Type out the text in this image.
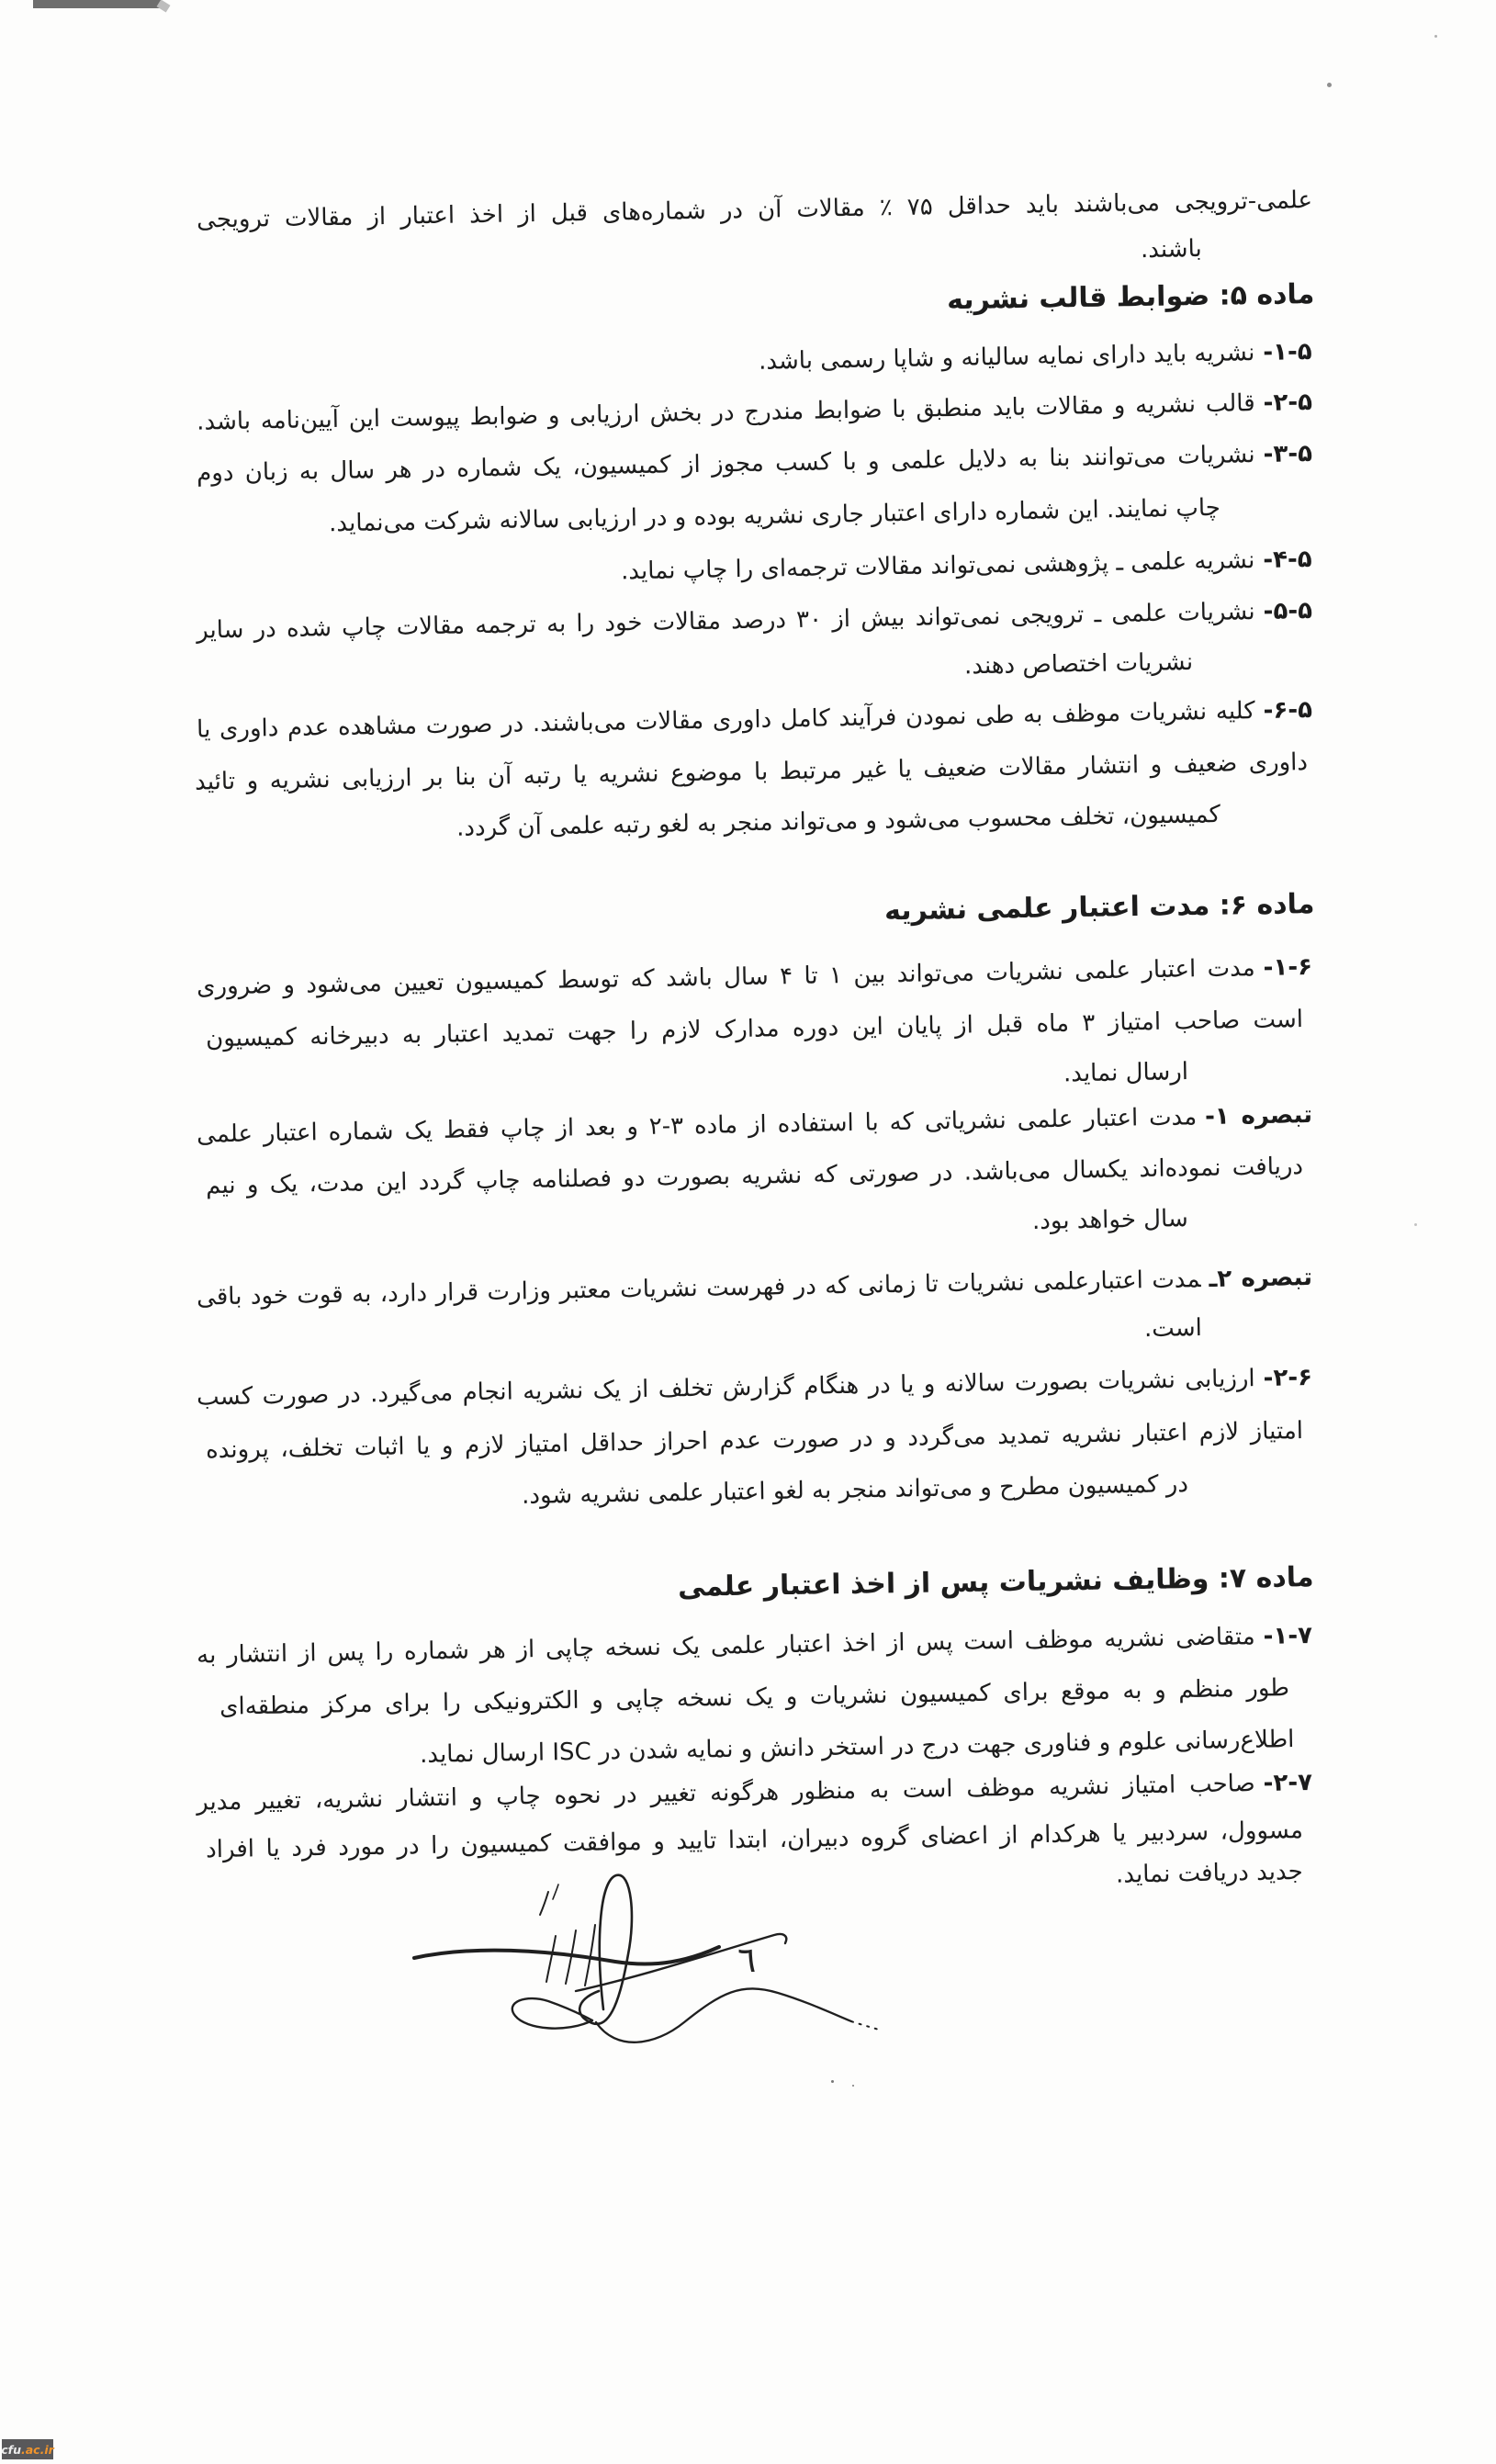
علمی-ترویجی می‌باشند باید حداقل ۷۵ ٪ مقالات آن در شماره‌های قبل از اخذ اعتبار از مقالات ترویجی
باشند.
ماده ۵: ضوابط قالب نشریه
۵-۱-نشریه باید دارای نمایه سالیانه و شاپا رسمی باشد.
۵-۲-قالب نشریه و مقالات باید منطبق با ضوابط مندرج در بخش ارزیابی و ضوابط پیوست این آیین‌نامه باشد.
۵-۳-نشریات می‌توانند بنا به دلایل علمی و با کسب مجوز از کمیسیون، یک شماره در هر سال به زبان دوم
چاپ نمایند. این شماره دارای اعتبار جاری نشریه بوده و در ارزیابی سالانه شرکت می‌نماید.
۵-۴-نشریه علمی ـ پژوهشی نمی‌تواند مقالات ترجمه‌ای را چاپ نماید.
۵-۵-نشریات علمی ـ ترویجی نمی‌تواند بیش از ۳۰ درصد مقالات خود را به ترجمه مقالات چاپ شده در سایر
نشریات اختصاص دهند.
۵-۶-کلیه نشریات موظف به طی نمودن فرآیند کامل داوری مقالات می‌باشند. در صورت مشاهده عدم داوری یا
داوری ضعیف و انتشار مقالات ضعیف یا غیر مرتبط با موضوع نشریه یا رتبه آن بنا بر ارزیابی نشریه و تائید
کمیسیون، تخلف محسوب می‌شود و می‌تواند منجر به لغو رتبه علمی آن گردد.
ماده ۶: مدت اعتبار علمی نشریه
۶-۱-مدت اعتبار علمی نشریات می‌تواند بین ۱ تا ۴ سال باشد که توسط کمیسیون تعیین می‌شود و ضروری
است صاحب امتیاز ۳ ماه قبل از پایان این دوره مدارک لازم را جهت تمدید اعتبار به دبیرخانه کمیسیون
ارسال نماید.
تبصره ۱-مدت اعتبار علمی نشریاتی که با استفاده از ماده ۳‏-‏۲ و بعد از چاپ فقط یک شماره اعتبار علمی
دریافت نموده‌اند یکسال می‌باشد. در صورتی که نشریه بصورت دو فصلنامه چاپ گردد این مدت، یک و نیم
سال خواهد بود.
تبصره ۲ـمدت اعتبارعلمی نشریات تا زمانی که در فهرست نشریات معتبر وزارت قرار دارد، به قوت خود باقی
است.
۶-۲-ارزیابی نشریات بصورت سالانه و یا در هنگام گزارش تخلف از یک نشریه انجام می‌گیرد. در صورت کسب
امتیاز لازم اعتبار نشریه تمدید می‌گردد و در صورت عدم احراز حداقل امتیاز لازم و یا اثبات تخلف، پرونده
در کمیسیون مطرح و می‌تواند منجر به لغو اعتبار علمی نشریه شود.
ماده ۷: وظایف نشریات پس از اخذ اعتبار علمی
۷-۱-متقاضی نشریه موظف است پس از اخذ اعتبار علمی یک نسخه چاپی از هر شماره را پس از انتشار به
طور منظم و به موقع برای کمیسیون نشریات و یک نسخه چاپی و الکترونیکی را برای مرکز منطقه‌ای
اطلاع‌رسانی علوم و فناوری جهت درج در استخر دانش و نمایه شدن در ISC ارسال نماید.
۷-۲-صاحب امتیاز نشریه موظف است به منظور هرگونه تغییر در نحوه چاپ و انتشار نشریه، تغییر مدیر
مسوول، سردبیر یا هرکدام از اعضای گروه دبیران، ابتدا تایید و موافقت کمیسیون را در مورد فرد یا افراد
جدید دریافت نماید.
٦
cfu .ac.ir
